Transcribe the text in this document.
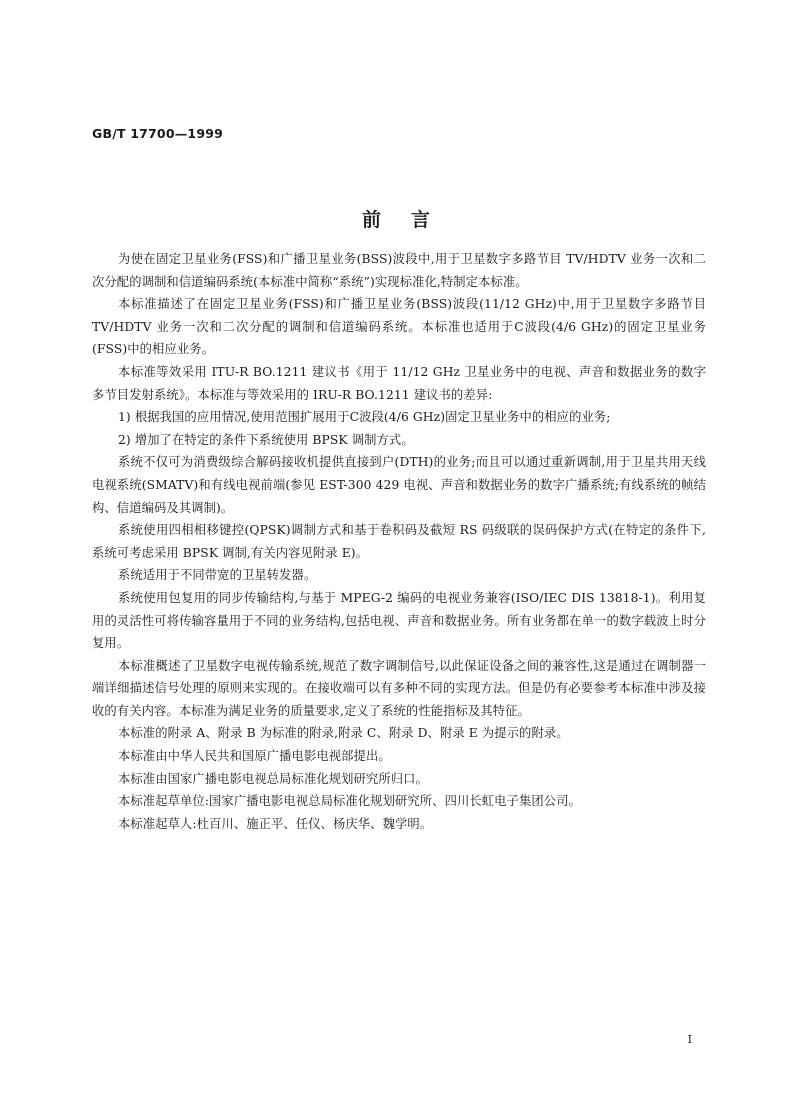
GB/T 17700—1999

前言

为使在固定卫星业务(FSS)和广播卫星业务(BSS)波段中,用于卫星数字多路节目 TV/HDTV 业务一次和二次分配的调制和信道编码系统(本标准中简称“系统”)实现标准化,特制定本标准。

本标准描述了在固定卫星业务(FSS)和广播卫星业务(BSS)波段(11/12 GHz)中,用于卫星数字多路节目 TV/HDTV 业务一次和二次分配的调制和信道编码系统。本标准也适用于C波段(4/6 GHz)的固定卫星业务(FSS)中的相应业务。

本标准等效采用 ITU-R BO.1211 建议书《用于 11/12 GHz 卫星业务中的电视、声音和数据业务的数字多节目发射系统》。本标准与等效采用的 IRU-R BO.1211 建议书的差异:

1) 根据我国的应用情况,使用范围扩展用于C波段(4/6 GHz)固定卫星业务中的相应的业务;

2) 增加了在特定的条件下系统使用 BPSK 调制方式。

系统不仅可为消费级综合解码接收机提供直接到户(DTH)的业务;而且可以通过重新调制,用于卫星共用天线电视系统(SMATV)和有线电视前端(参见 EST-300 429 电视、声音和数据业务的数字广播系统;有线系统的帧结构、信道编码及其调制)。

系统使用四相相移键控(QPSK)调制方式和基于卷积码及截短 RS 码级联的误码保护方式(在特定的条件下,系统可考虑采用 BPSK 调制,有关内容见附录 E)。

系统适用于不同带宽的卫星转发器。

系统使用包复用的同步传输结构,与基于 MPEG-2 编码的电视业务兼容(ISO/IEC DIS 13818-1)。利用复用的灵活性可将传输容量用于不同的业务结构,包括电视、声音和数据业务。所有业务都在单一的数字载波上时分复用。

本标准概述了卫星数字电视传输系统,规范了数字调制信号,以此保证设备之间的兼容性,这是通过在调制器一端详细描述信号处理的原则来实现的。在接收端可以有多种不同的实现方法。但是仍有必要参考本标准中涉及接收的有关内容。本标准为满足业务的质量要求,定义了系统的性能指标及其特征。

本标准的附录 A、附录 B 为标准的附录,附录 C、附录 D、附录 E 为提示的附录。

本标准由中华人民共和国原广播电影电视部提出。

本标准由国家广播电影电视总局标准化规划研究所归口。

本标准起草单位:国家广播电影电视总局标准化规划研究所、四川长虹电子集团公司。

本标准起草人:杜百川、施正平、任仪、杨庆华、魏学明。

I
